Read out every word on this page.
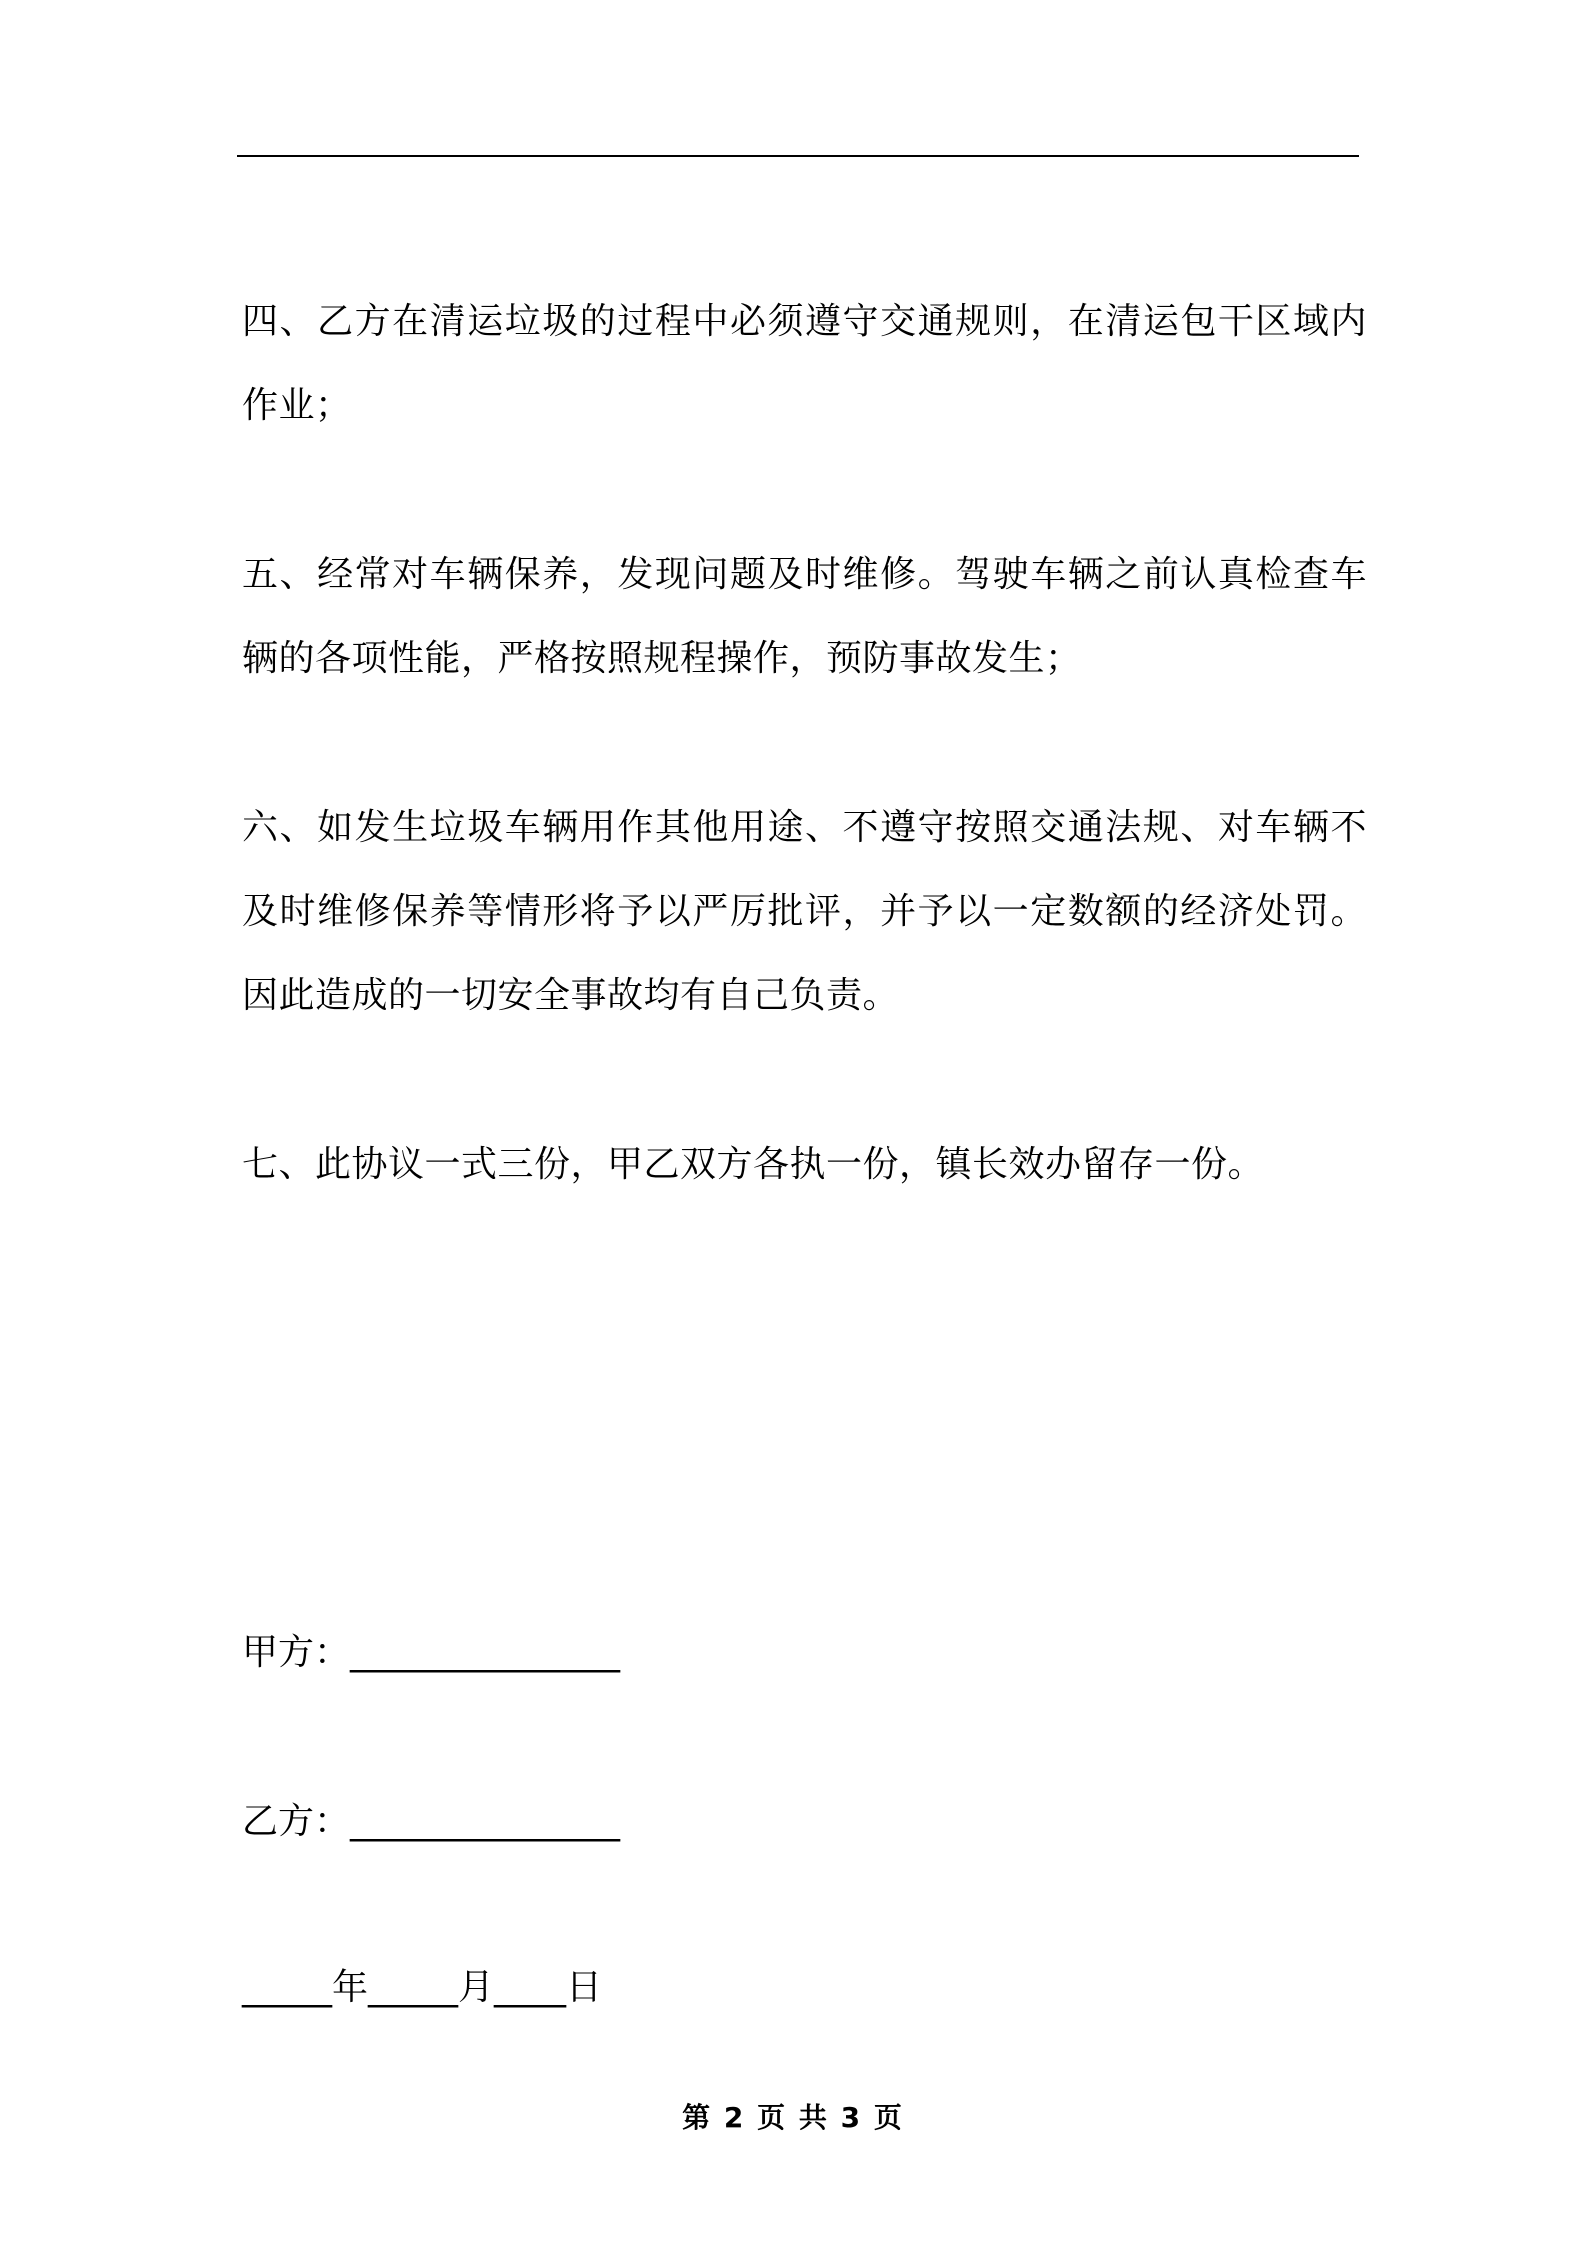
四、乙方在清运垃圾的过程中必须遵守交通规则，在清运包干区域内作业；

五、经常对车辆保养，发现问题及时维修。驾驶车辆之前认真检查车辆的各项性能，严格按照规程操作，预防事故发生；

六、如发生垃圾车辆用作其他用途、不遵守按照交通法规、对车辆不及时维修保养等情形将予以严厉批评，并予以一定数额的经济处罚。因此造成的一切安全事故均有自己负责。

七、此协议一式三份，甲乙双方各执一份，镇长效办留存一份。

甲方：_______________
乙方：_______________
_____年_____月____日
第 2 页 共 3 页
